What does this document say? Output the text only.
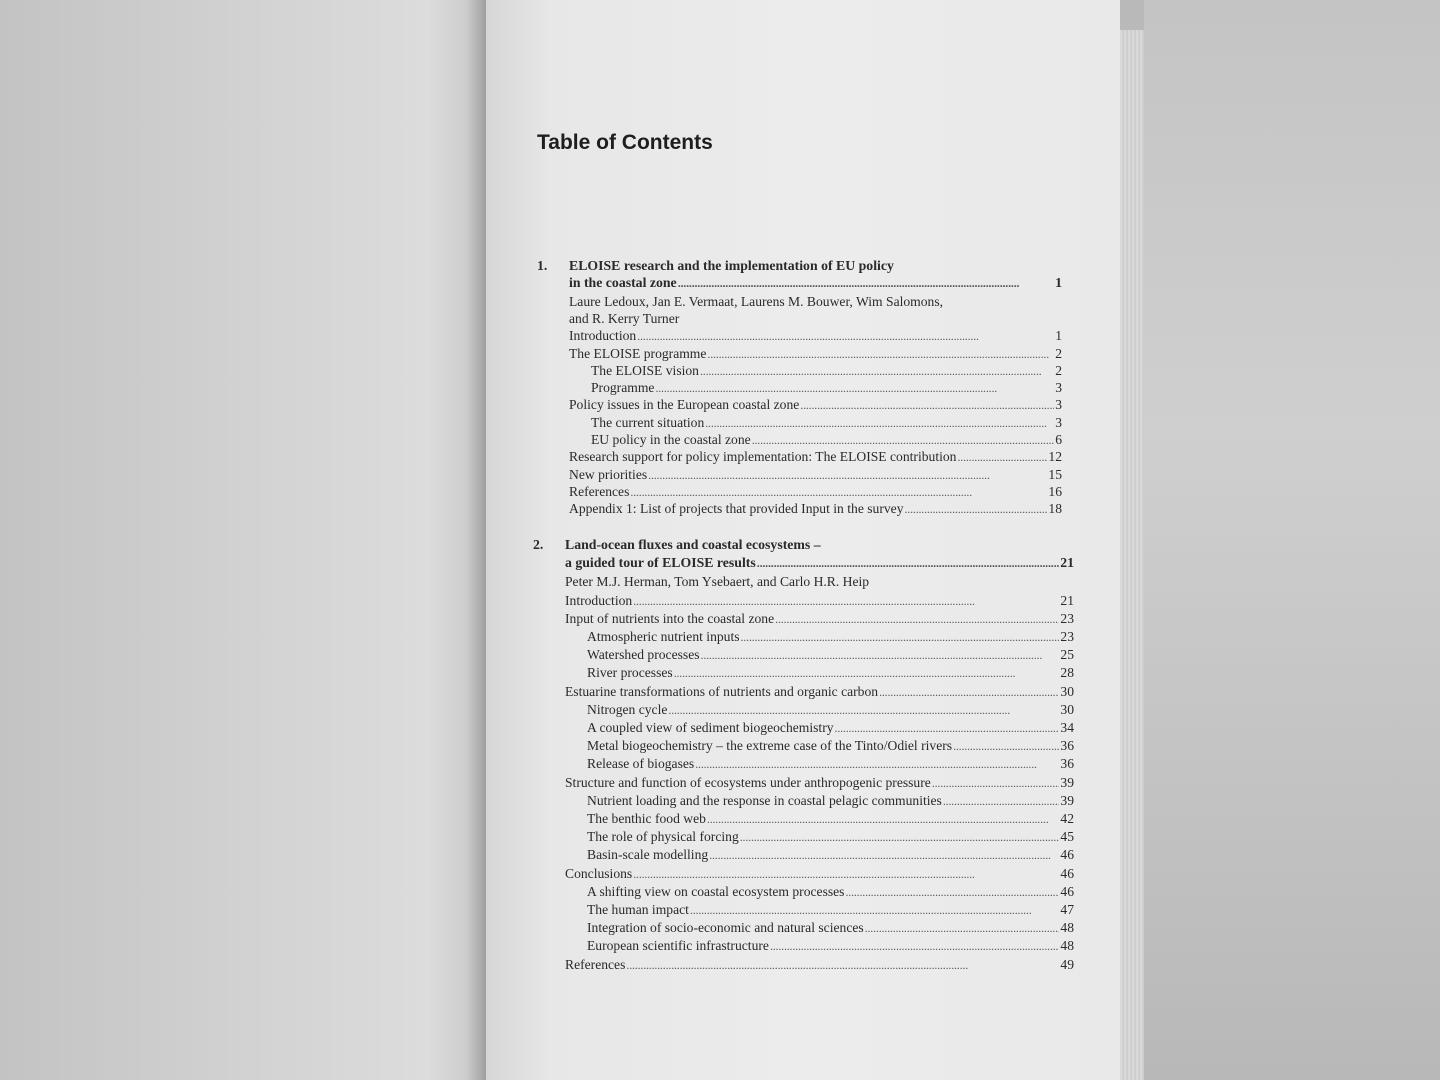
Table of Contents
1. ELOISE research and the implementation of EU policy
in the coastal zone . . .	1
Laure Ledoux, Jan E. Vermaat, Laurens M. Bouwer, Wim Salomons,
and R. Kerry Turner
Introduction . . .	1
The ELOISE programme . . .	2
The ELOISE vision . . .	2
Programme . . .	3
Policy issues in the European coastal zone . . .	3
The current situation . . .	3
EU policy in the coastal zone . . .	6
Research support for policy implementation: The ELOISE contribution . . .	12
New priorities . . .	15
References . . .	16
Appendix 1: List of projects that provided Input in the survey . . .	18
2. Land-ocean fluxes and coastal ecosystems –
a guided tour of ELOISE results . . .	21
Peter M.J. Herman, Tom Ysebaert, and Carlo H.R. Heip
Introduction . . .	21
Input of nutrients into the coastal zone . . .	23
Atmospheric nutrient inputs . . .	23
Watershed processes . . .	25
River processes . . .	28
Estuarine transformations of nutrients and organic carbon . . .	30
Nitrogen cycle . . .	30
A coupled view of sediment biogeochemistry . . .	34
Metal biogeochemistry – the extreme case of the Tinto/Odiel rivers . . .	36
Release of biogases . . .	36
Structure and function of ecosystems under anthropogenic pressure . . .	39
Nutrient loading and the response in coastal pelagic communities . . .	39
The benthic food web . . .	42
The role of physical forcing . . .	45
Basin-scale modelling . . .	46
Conclusions . . .	46
A shifting view on coastal ecosystem processes . . .	46
The human impact . . .	47
Integration of socio-economic and natural sciences . . .	48
European scientific infrastructure . . .	48
References . . .	49
